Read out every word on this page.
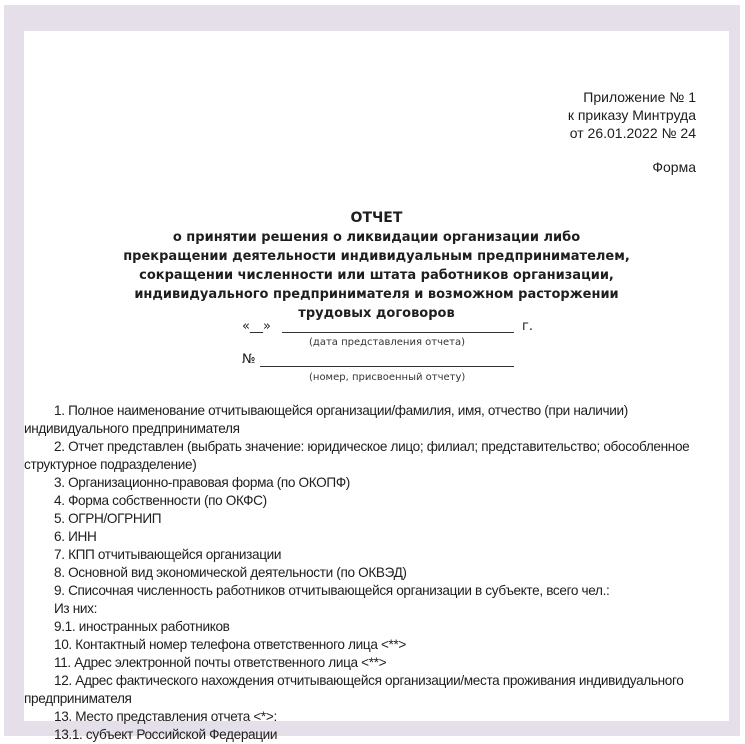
Приложение № 1
к приказу Минтруда
от 26.01.2022 № 24
Форма
ОТЧЕТ
о принятии решения о ликвидации организации либо
прекращении деятельности индивидуальным предпринимателем,
сокращении численности или штата работников организации,
индивидуального предпринимателя и возможном расторжении
трудовых договоров
«__»	г.
(дата представления отчета)
№
(номер, присвоенный отчету)

1. Полное наименование отчитывающейся организации/фамилия, имя, отчество (при наличии) индивидуального предпринимателя

2. Отчет представлен (выбрать значение: юридическое лицо; филиал; представительство; обособленное структурное подразделение)

3. Организационно-правовая форма (по ОКОПФ)

4. Форма собственности (по ОКФС)

5. ОГРН/ОГРНИП

6. ИНН

7. КПП отчитывающейся организации

8. Основной вид экономической деятельности (по ОКВЭД)

9. Списочная численность работников отчитывающейся организации в субъекте, всего чел.:

Из них:

9.1. иностранных работников

10. Контактный номер телефона ответственного лица <**>

11. Адрес электронной почты ответственного лица <**>

12. Адрес фактического нахождения отчитывающейся организации/места проживания индивидуального предпринимателя

13. Место представления отчета <*>:

13.1. субъект Российской Федерации
